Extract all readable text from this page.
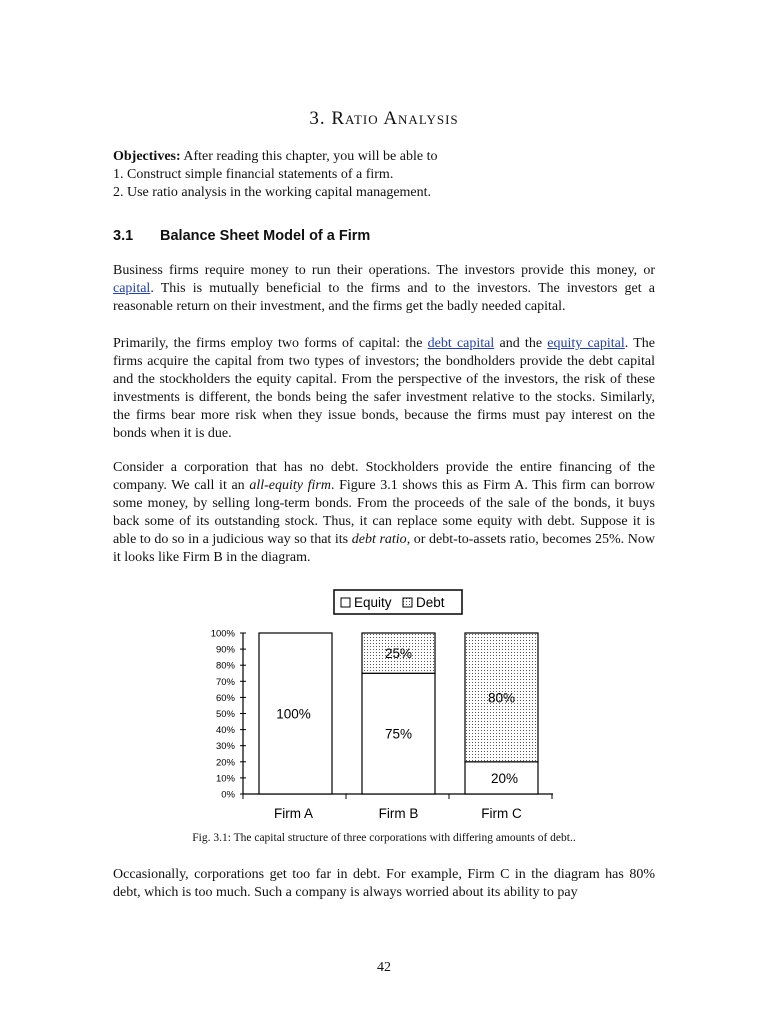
3. Ratio Analysis
Objectives: After reading this chapter, you will be able to
1. Construct simple financial statements of a firm.
2. Use ratio analysis in the working capital management.
3.1 Balance Sheet Model of a Firm
Business firms require money to run their operations. The investors provide this money, or capital. This is mutually beneficial to the firms and to the investors. The investors get a reasonable return on their investment, and the firms get the badly needed capital.
Primarily, the firms employ two forms of capital: the debt capital and the equity capital. The firms acquire the capital from two types of investors; the bondholders provide the debt capital and the stockholders the equity capital. From the perspective of the investors, the risk of these investments is different, the bonds being the safer investment relative to the stocks. Similarly, the firms bear more risk when they issue bonds, because the firms must pay interest on the bonds when it is due.
Consider a corporation that has no debt. Stockholders provide the entire financing of the company. We call it an all-equity firm. Figure 3.1 shows this as Firm A. This firm can borrow some money, by selling long-term bonds. From the proceeds of the sale of the bonds, it buys back some of its outstanding stock. Thus, it can replace some equity with debt. Suppose it is able to do so in a judicious way so that its debt ratio, or debt-to-assets ratio, becomes 25%. Now it looks like Firm B in the diagram.
Equity Debt
0%
10%
20%
30%
40%
50%
60%
70%
80%
90%
100%
100%
Firm A
75%
25%
Firm B
20%
80%
Firm C
Fig. 3.1: The capital structure of three corporations with differing amounts of debt..
Occasionally, corporations get too far in debt. For example, Firm C in the diagram has 80% debt, which is too much. Such a company is always worried about its ability to pay
42
